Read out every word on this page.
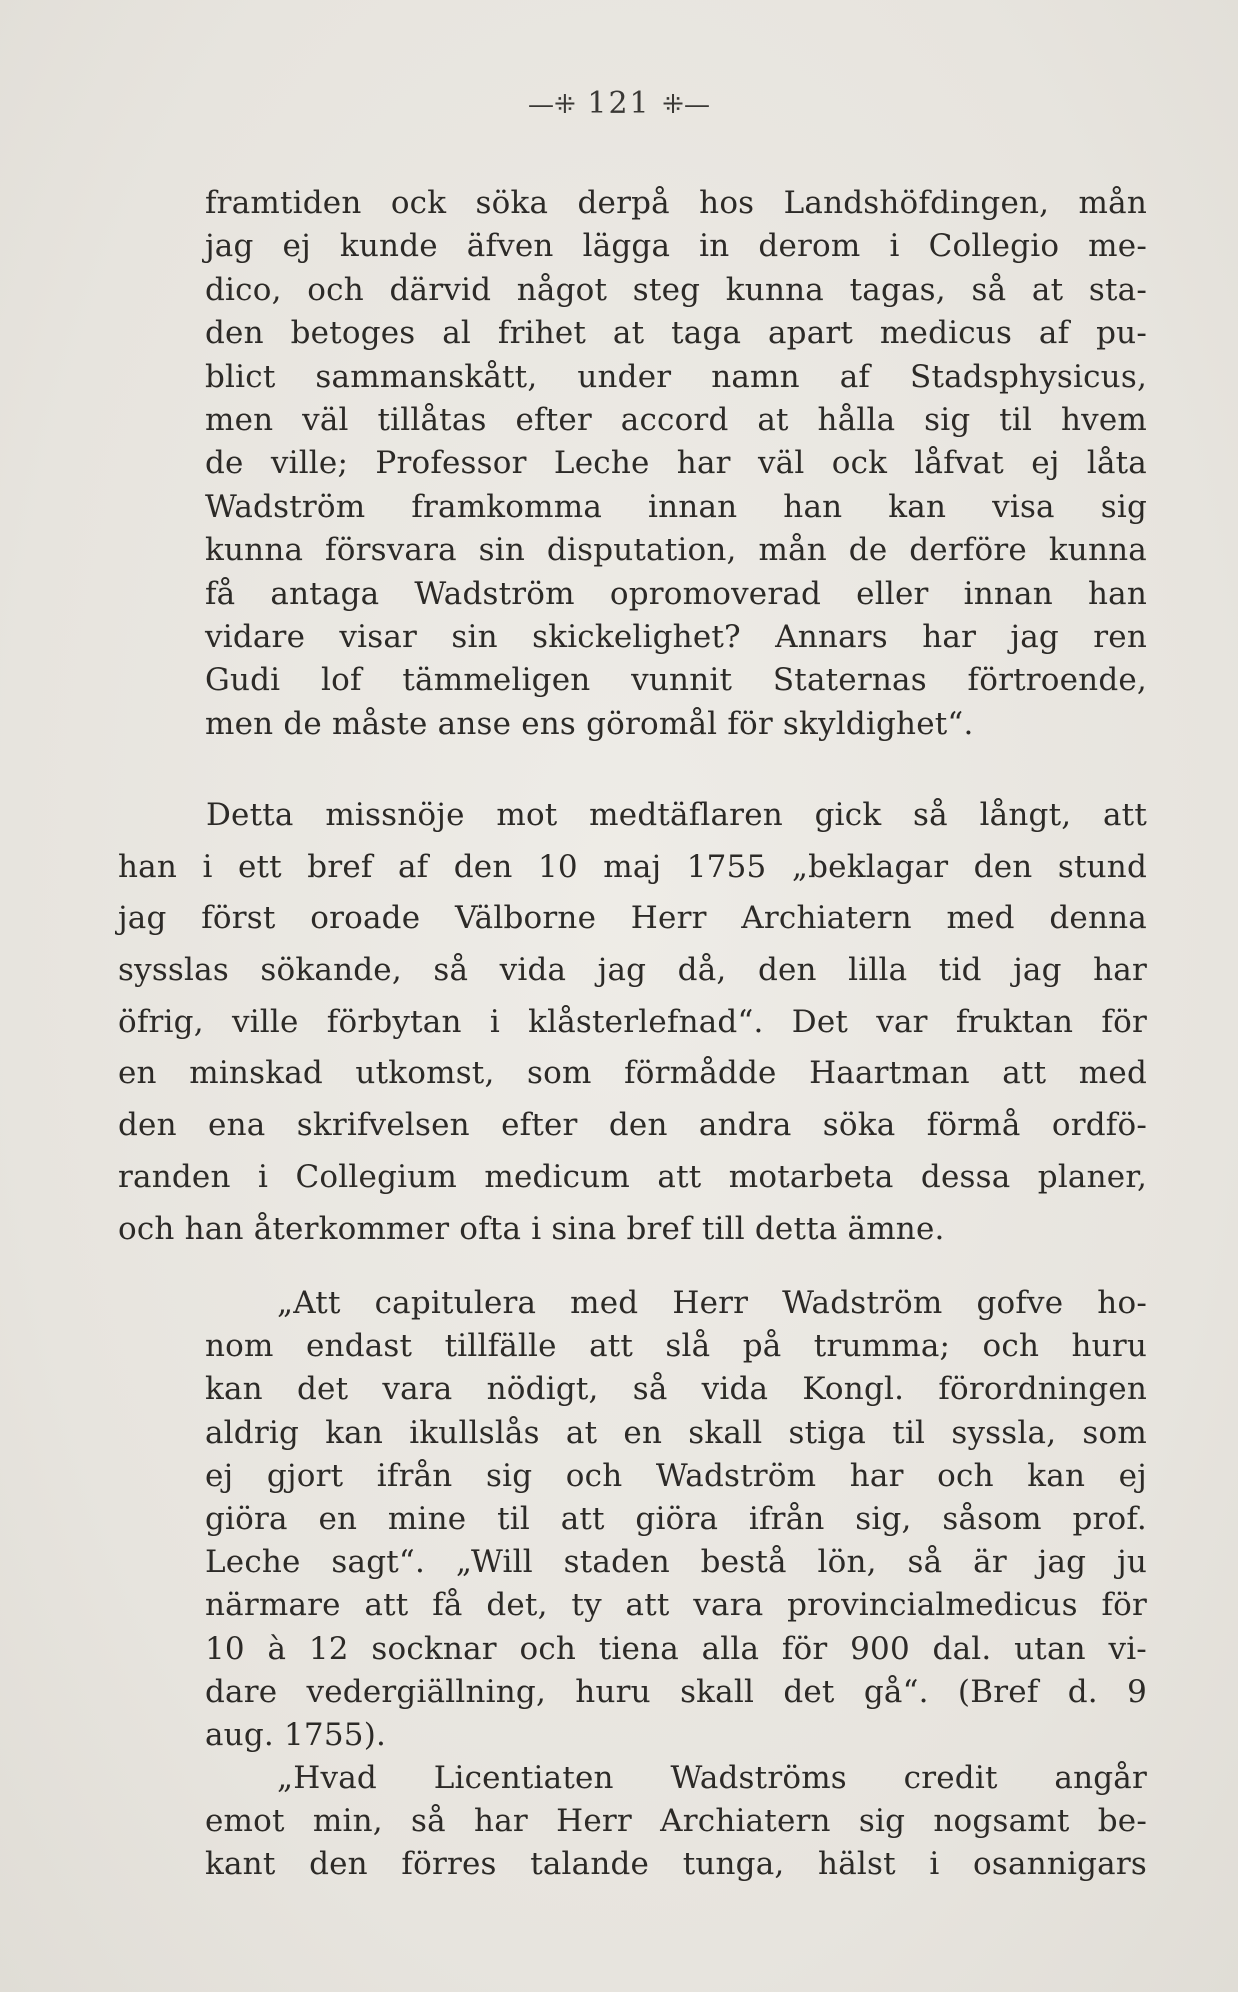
—⁜ 121 ⁜—
framtiden ock söka derpå hos Landshöfdingen, mån
jag ej kunde äfven lägga in derom i Collegio me-
dico, och därvid något steg kunna tagas, så at sta-
den betoges al frihet at taga apart medicus af pu-
blict sammanskått, under namn af Stadsphysicus,
men väl tillåtas efter accord at hålla sig til hvem
de ville; Professor Leche har väl ock låfvat ej låta
Wadström framkomma innan han kan visa sig
kunna försvara sin disputation, mån de derföre kunna
få antaga Wadström opromoverad eller innan han
vidare visar sin skickelighet? Annars har jag ren
Gudi lof tämmeligen vunnit Staternas förtroende,
men de måste anse ens göromål för skyldighet“.
Detta missnöje mot medtäflaren gick så långt, att
han i ett bref af den 10 maj 1755 „beklagar den stund
jag först oroade Välborne Herr Archiatern med denna
sysslas sökande, så vida jag då, den lilla tid jag har
öfrig, ville förbytan i klåsterlefnad“. Det var fruktan för
en minskad utkomst, som förmådde Haartman att med
den ena skrifvelsen efter den andra söka förmå ordfö-
randen i Collegium medicum att motarbeta dessa planer,
och han återkommer ofta i sina bref till detta ämne.
„Att capitulera med Herr Wadström gofve ho-
nom endast tillfälle att slå på trumma; och huru
kan det vara nödigt, så vida Kongl. förordningen
aldrig kan ikullslås at en skall stiga til syssla, som
ej gjort ifrån sig och Wadström har och kan ej
giöra en mine til att giöra ifrån sig, såsom prof.
Leche sagt“. „Will staden bestå lön, så är jag ju
närmare att få det, ty att vara provincialmedicus för
10 à 12 socknar och tiena alla för 900 dal. utan vi-
dare vedergiällning, huru skall det gå“. (Bref d. 9
aug. 1755).
„Hvad Licentiaten Wadströms credit angår
emot min, så har Herr Archiatern sig nogsamt be-
kant den förres talande tunga, hälst i osannigars
